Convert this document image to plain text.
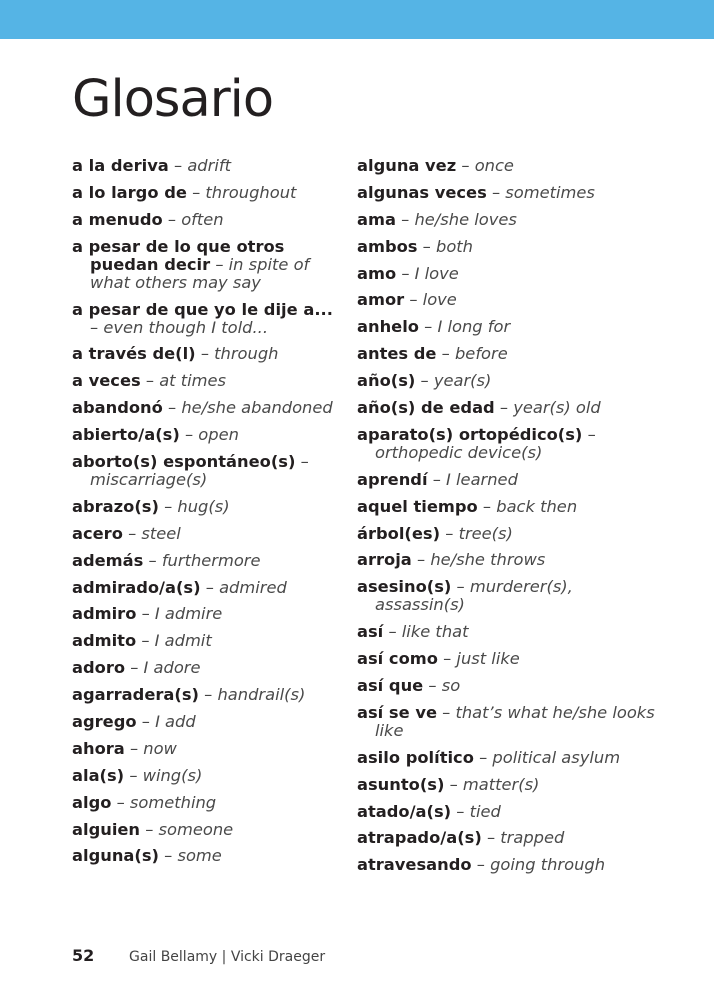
Glosario

a la deriva – adrift

a lo largo de – throughout

a menudo – often

a pesar de lo que otros puedan decir – in spite of what others may say

a pesar de que yo le dije a... – even though I told...

a través de(l) – through

a veces – at times

abandonó – he/she abandoned

abierto/a(s) – open

aborto(s) espontáneo(s) – miscarriage(s)

abrazo(s) – hug(s)

acero – steel

además – furthermore

admirado/a(s) – admired

admiro – I admire

admito – I admit

adoro – I adore

agarradera(s) – handrail(s)

agrego – I add

ahora – now

ala(s) – wing(s)

algo – something

alguien – someone

alguna(s) – some

alguna vez – once

algunas veces – sometimes

ama – he/she loves

ambos – both

amo – I love

amor – love

anhelo – I long for

antes de – before

año(s) – year(s)

año(s) de edad – year(s) old

aparato(s) ortopédico(s) – orthopedic device(s)

aprendí – I learned

aquel tiempo – back then

árbol(es) – tree(s)

arroja – he/she throws

asesino(s) – murderer(s), assassin(s)

así – like that

así como – just like

así que – so

así se ve – that’s what he/she looks like

asilo político – political asylum

asunto(s) – matter(s)

atado/a(s) – tied

atrapado/a(s) – trapped

atravesando – going through

52 Gail Bellamy | Vicki Draeger
